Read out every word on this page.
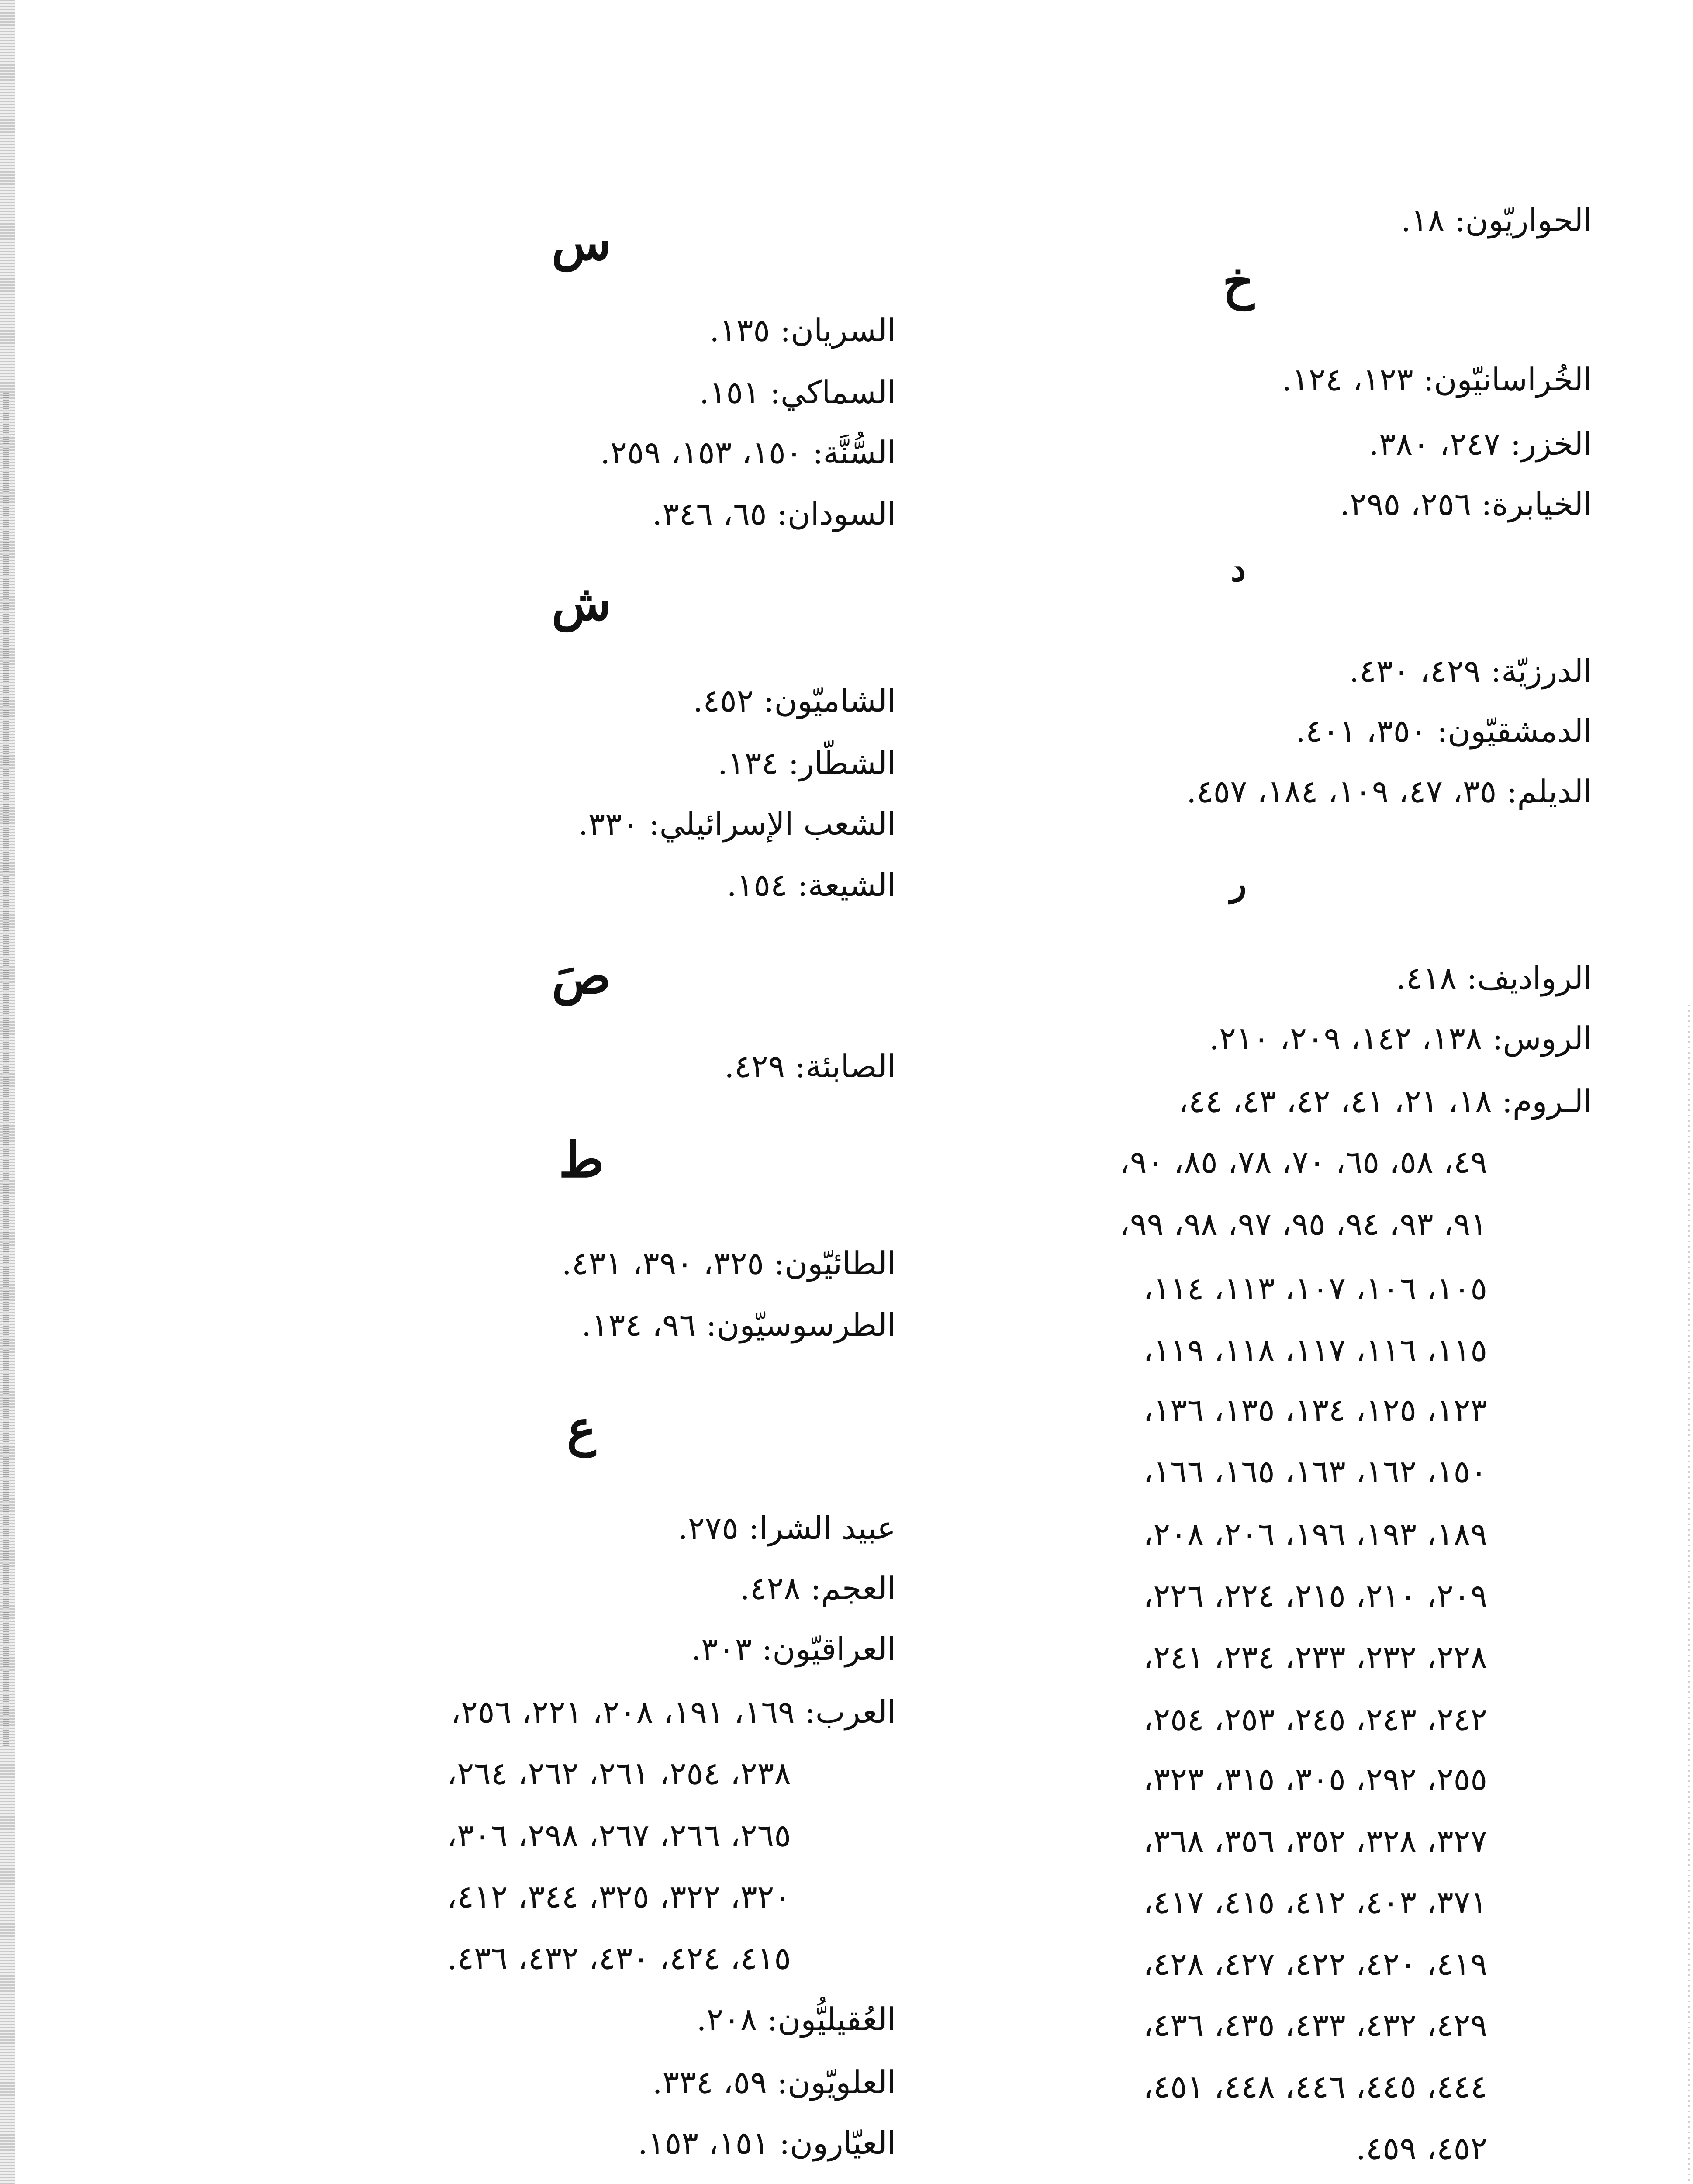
الحواريّون: ١٨.
خ
الخُراسانيّون: ١٢٣، ١٢٤.
الخزر: ٢٤٧، ٣٨٠.
الخيابرة: ٢٥٦، ٢٩٥.
د
الدرزيّة: ٤٢٩، ٤٣٠.
الدمشقيّون: ٣٥٠، ٤٠١.
الديلم: ٣٥، ٤٧، ١٠٩، ١٨٤، ٤٥٧.
ر
الرواديف: ٤١٨.
الروس: ١٣٨، ١٤٢، ٢٠٩، ٢١٠.
الـروم: ١٨، ٢١، ٤١، ٤٢، ٤٣، ٤٤،
٤٩، ٥٨، ٦٥، ٧٠، ٧٨، ٨٥، ٩٠،
٩١، ٩٣، ٩٤، ٩٥، ٩٧، ٩٨، ٩٩،
١٠٥، ١٠٦، ١٠٧، ١١٣، ١١٤،
١١٥، ١١٦، ١١٧، ١١٨، ١١٩،
١٢٣، ١٢٥، ١٣٤، ١٣٥، ١٣٦،
١٥٠، ١٦٢، ١٦٣، ١٦٥، ١٦٦،
١٨٩، ١٩٣، ١٩٦، ٢٠٦، ٢٠٨،
٢٠٩، ٢١٠، ٢١٥، ٢٢٤، ٢٢٦،
٢٢٨، ٢٣٢، ٢٣٣، ٢٣٤، ٢٤١،
٢٤٢، ٢٤٣، ٢٤٥، ٢٥٣، ٢٥٤،
٢٥٥، ٢٩٢، ٣٠٥، ٣١٥، ٣٢٣،
٣٢٧، ٣٢٨، ٣٥٢، ٣٥٦، ٣٦٨،
٣٧١، ٤٠٣، ٤١٢، ٤١٥، ٤١٧،
٤١٩، ٤٢٠، ٤٢٢، ٤٢٧، ٤٢٨،
٤٢٩، ٤٣٢، ٤٣٣، ٤٣٥، ٤٣٦،
٤٤٤، ٤٤٥، ٤٤٦، ٤٤٨، ٤٥١،
٤٥٢، ٤٥٩.
س
السريان: ١٣٥.
السماكي: ١٥١.
السُّنَّة: ١٥٠، ١٥٣، ٢٥٩.
السودان: ٦٥، ٣٤٦.
ش
الشاميّون: ٤٥٢.
الشطّار: ١٣٤.
الشعب الإسرائيلي: ٣٣٠.
الشيعة: ١٥٤.
صَ
الصابئة: ٤٢٩.
ط
الطائيّون: ٣٢٥، ٣٩٠، ٤٣١.
الطرسوسيّون: ٩٦، ١٣٤.
ع
عبيد الشرا: ٢٧٥.
العجم: ٤٢٨.
العراقيّون: ٣٠٣.
العرب: ١٦٩، ١٩١، ٢٠٨، ٢٢١، ٢٥٦،
٢٣٨، ٢٥٤، ٢٦١، ٢٦٢، ٢٦٤،
٢٦٥، ٢٦٦، ٢٦٧، ٢٩٨، ٣٠٦،
٣٢٠، ٣٢٢، ٣٢٥، ٣٤٤، ٤١٢،
٤١٥، ٤٢٤، ٤٣٠، ٤٣٢، ٤٣٦.
العُقيليُّون: ٢٠٨.
العلويّون: ٥٩، ٣٣٤.
العيّارون: ١٥١، ١٥٣.
